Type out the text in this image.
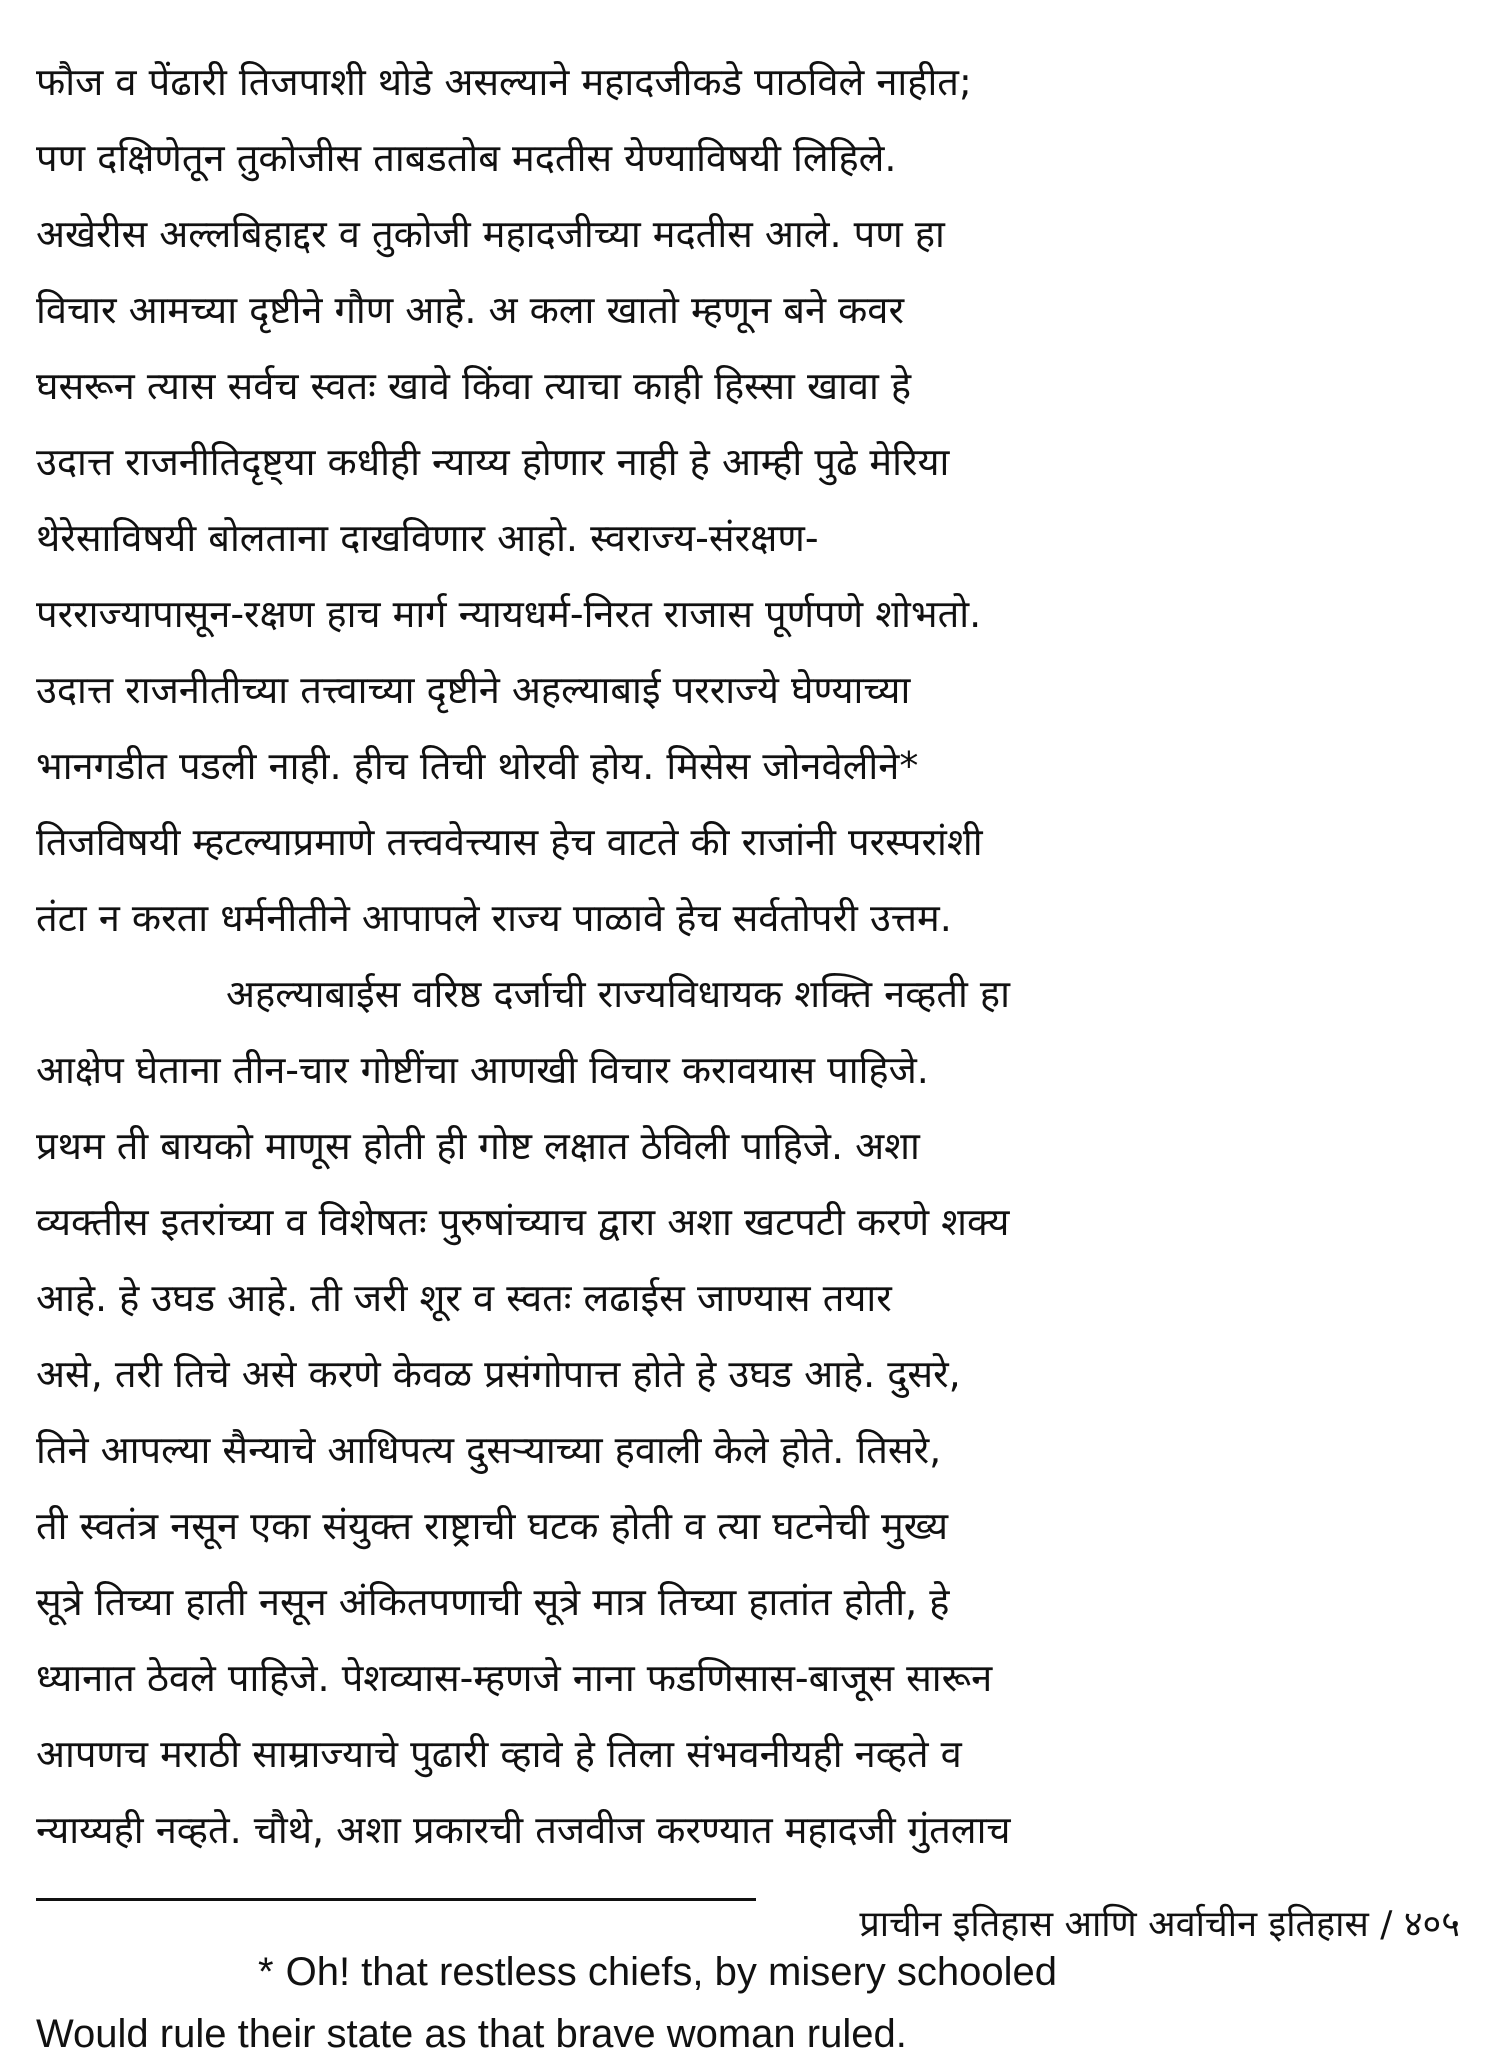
फौज व पेंढारी तिजपाशी थोडे असल्याने महादजीकडे पाठविले नाहीत;
पण दक्षिणेतून तुकोजीस ताबडतोब मदतीस येण्याविषयी लिहिले.
अखेरीस अल्लबिहाद्दर व तुकोजी महादजीच्या मदतीस आले. पण हा
विचार आमच्या दृष्टीने गौण आहे. अ कला खातो म्हणून बने कवर
घसरून त्यास सर्वच स्वतः खावे किंवा त्याचा काही हिस्सा खावा हे
उदात्त राजनीतिदृष्ट्या कधीही न्याय्य होणार नाही हे आम्ही पुढे मेरिया
थेरेसाविषयी बोलताना दाखविणार आहो. स्वराज्य-संरक्षण-
परराज्यापासून-रक्षण हाच मार्ग न्यायधर्म-निरत राजास पूर्णपणे शोभतो.
उदात्त राजनीतीच्या तत्त्वाच्या दृष्टीने अहल्याबाई परराज्ये घेण्याच्या
भानगडीत पडली नाही. हीच तिची थोरवी होय. मिसेस जोनवेलीने*
तिजविषयी म्हटल्याप्रमाणे तत्त्ववेत्त्यास हेच वाटते की राजांनी परस्परांशी
तंटा न करता धर्मनीतीने आपापले राज्य पाळावे हेच सर्वतोपरी उत्तम.
अहल्याबाईस वरिष्ठ दर्जाची राज्यविधायक शक्ति नव्हती हा
आक्षेप घेताना तीन-चार गोष्टींचा आणखी विचार करावयास पाहिजे.
प्रथम ती बायको माणूस होती ही गोष्ट लक्षात ठेविली पाहिजे. अशा
व्यक्तीस इतरांच्या व विशेषतः पुरुषांच्याच द्वारा अशा खटपटी करणे शक्य
आहे. हे उघड आहे. ती जरी शूर व स्वतः लढाईस जाण्यास तयार
असे, तरी तिचे असे करणे केवळ प्रसंगोपात्त होते हे उघड आहे. दुसरे,
तिने आपल्या सैन्याचे आधिपत्य दुसऱ्याच्या हवाली केले होते. तिसरे,
ती स्वतंत्र नसून एका संयुक्त राष्ट्राची घटक होती व त्या घटनेची मुख्य
सूत्रे तिच्या हाती नसून अंकितपणाची सूत्रे मात्र तिच्या हातांत होती, हे
ध्यानात ठेवले पाहिजे. पेशव्यास-म्हणजे नाना फडणिसास-बाजूस सारून
आपणच मराठी साम्राज्याचे पुढारी व्हावे हे तिला संभवनीयही नव्हते व
न्याय्यही नव्हते. चौथे, अशा प्रकारची तजवीज करण्यात महादजी गुंतलाच
* Oh! that restless chiefs, by misery schooled
Would rule their state as that brave woman ruled.
प्राचीन इतिहास आणि अर्वाचीन इतिहास / ४०५
